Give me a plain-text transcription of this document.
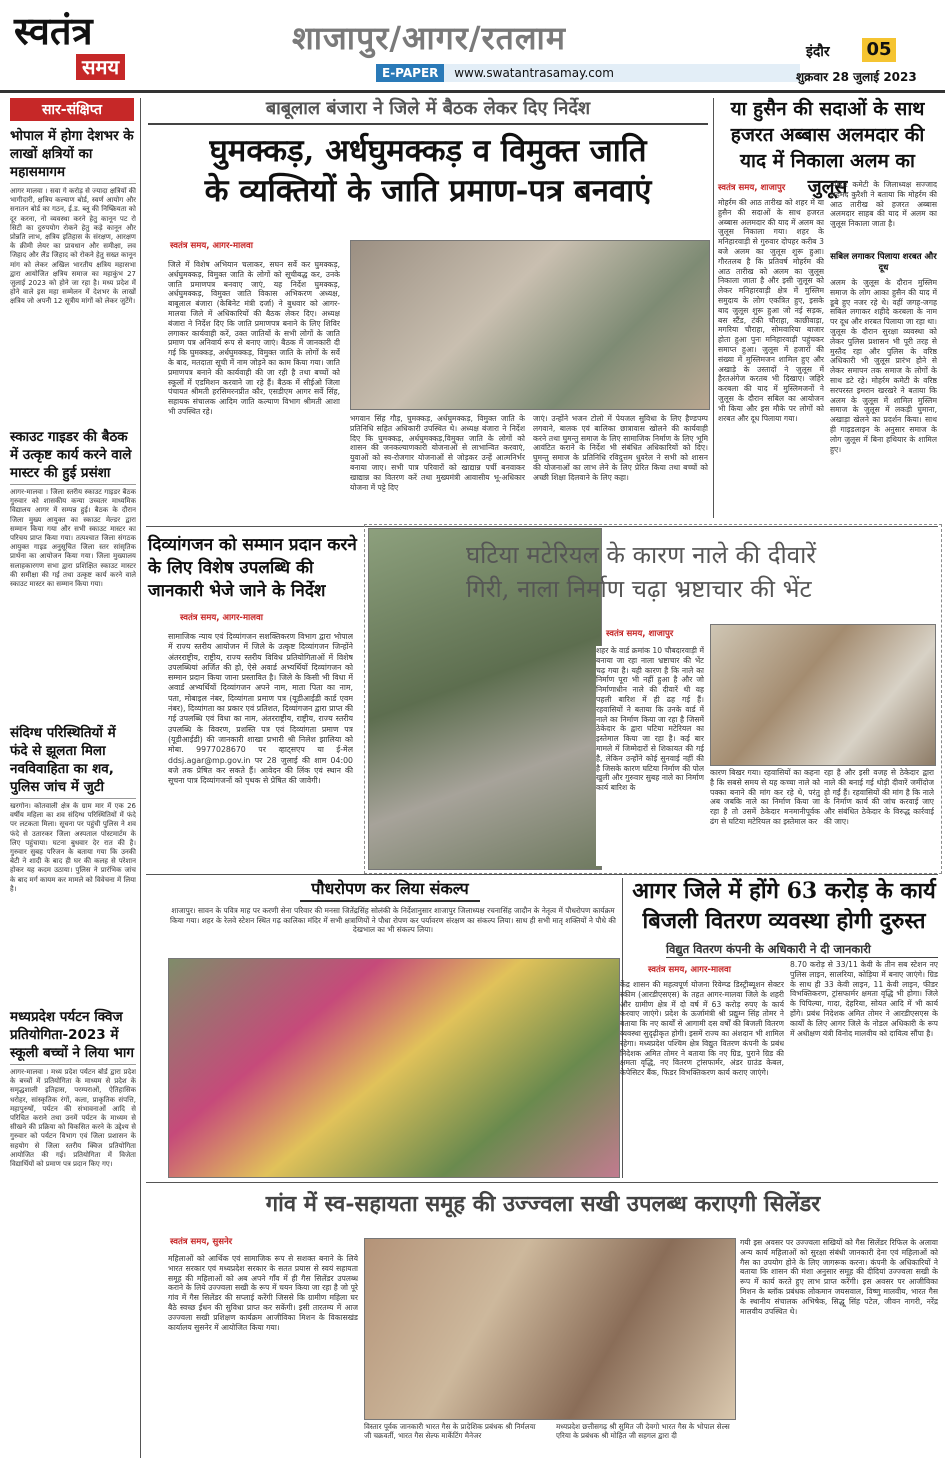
स्वतंत्र
समय
शाजापुर/आगर/रतलाम
E-PAPER www.swatantrasamay.com
इंदौर 05
शुक्रवार 28 जुलाई 2023
सार-संक्षिप्त
भोपाल में होगा देशभर के लाखों क्षत्रियों का महासमागम
आगर मालवा । सवा गे करोड़ से ज्यादा क्षत्रियों की भागीदारी, क्षत्रिय कल्याण बोर्ड, स्वर्ण आयोग और सनातन बोर्ड का गठन, ई.ड. ब्लू की निष्क्रियता को दूर करना, नो व्यवस्था करने हेतु कानून पट रो सिटी का दुरुपयोग रोकने हेतु कड़े कानून और प्रोन्नति लाभ, क्षत्रिय इतिहास के संरक्षण, आरक्षण के क्रीमी लेयर का प्रावधान और समीक्षा, लव जिहाद और लैंड जिहाद को रोकने हेतु सख्त कानून मांग को लेकर अखिल भारतीय क्षत्रिय महासभा द्वारा आयोजित क्षत्रिय समाज का महाकुंभ 27 जुलाई 2023 को होने जा रहा है। मध्य प्रदेश में होने वाले इस महा सम्मेलन में देशभर के लाखों क्षत्रिय जो अपनी 12 सूत्रीय मांगों को लेकर जुटेंगे।
स्काउट गाइडर की बैठक में उत्कृष्ट कार्य करने वाले मास्टर की हुई प्रसंशा
आगर-मालवा । जिला स्तरीय स्काउट गाइडर बैठक गुरुवार को शासकीय कन्या उच्चतर माध्यमिक विद्यालय आगर में सम्पन्न हुई। बैठक के दौरान जिला मुख्य आयुक्त का स्काउट मेल्डर द्वारा सम्मान किया गया और सभी स्काउट मास्टर का परिचय प्राप्त किया गया। तत्पश्चात जिला संगठक आयुक्त गाइड अनुसूचित जिला स्तर सांसृतिक प्रार्थना का आयोजन किया गया। जिला मुख्यालय सलाहकारगण सभा द्वारा प्रशिक्षित स्काउट मास्टर की समीक्षा की गई तथा उत्कृष्ट कार्य करने वाले स्काउट मास्टर का सम्मान किया गया।
संदिग्ध परिस्थितियों में फंदे से झूलता मिला नवविवाहिता का शव, पुलिस जांच में जुटी
खरगोन। कोतवाली क्षेत्र के ग्राम मार में एक 26 वर्षीय महिला का शव संदिग्ध परिस्थितियों में फंदे पर लटकता मिला। सूचना पर पहुंची पुलिस ने शव फंदे से उतारकर जिला अस्पताल पोस्टमार्टम के लिए पहुंचाया। घटना बुधवार देर रात की है। गुरुवार सुबह परिजन के बताया गया कि उनकी बेटी ने शादी के बाद ही घर की कलह से परेशान होकर यह कदम उठाया। पुलिस ने प्रारंभिक जांच के बाद मर्ग कायम कर मामले को विवेचना में लिया है।
मध्यप्रदेश पर्यटन क्विज प्रतियोगिता-2023 में स्कूली बच्चों ने लिया भाग
आगर-मालवा । मध्य प्रदेश पर्यटन बोर्ड द्वारा प्रदेश के बच्चों में प्रतियोगिता के माध्यम से प्रदेश के समृद्धशाली इतिहास, परम्पराओं, ऐतिहासिक धरोहर, सांस्कृतिक रंगों, कला, प्राकृतिक संपत्ति, महापुरुषों, पर्यटन की संभावनाओं आदि से परिचित कराने तथा उनमें पर्यटन के माध्यम से सीखने की प्रक्रिया को विकसित करने के उद्देश्य से गुरुवार को पर्यटन विभाग एवं जिला प्रशासन के सहयोग से जिला स्तरीय क्विज प्रतियोगिता आयोजित की गई। प्रतियोगिता में विजेता विद्यार्थियों को प्रमाण पत्र प्रदान किए गए।
बाबूलाल बंजारा ने जिले में बैठक लेकर दिए निर्देश
घुमक्कड़, अर्धघुमक्कड़ व विमुक्त जाति
के व्यक्तियों के जाति प्रमाण-पत्र बनवाएं
स्वतंत्र समय, आगर-मालवा
जिले में विशेष अभियान चलाकर, सघन सर्वे कर घुमक्कड़, अर्धघुमक्कड़, विमुक्त जाति के लोगों को सूचीबद्ध कर, उनके जाति प्रमाणपत्र बनवाए जाएं, यह निर्देश घुमक्कड़, अर्धघुमक्कड़, विमुक्त जाति विकास अभिकरण अध्यक्ष, बाबूलाल बंजारा (केबिनेट मंत्री दर्जा) ने बुधवार को आगर-मालवा जिले में अधिकारियों की बैठक लेकर दिए। अध्यक्ष बंजारा ने निर्देश दिए कि जाति प्रमाणपत्र बनाने के लिए शिविर लगाकर कार्यवाही करें, उक्त जातियों के सभी लोगों के जाति प्रमाण पत्र अनिवार्य रूप से बनाए जाएं। बैठक में जानकारी दी गई कि घुमक्कड़, अर्धघुमक्कड़, विमुक्त जाति के लोगों के सर्वे के बाद, मतदाता सूची में नाम जोड़ने का काम किया गया। जाति प्रमाणपत्र बनाने की कार्यवाही की जा रही है तथा बच्चों को स्कूलों में एडमिशन करवाने जा रहे हैं। बैठक में सीईओ जिला पंचायत श्रीमती हरसिमरनप्रीत कौर, एसडीएम आगर सर्वे सिंह, सहायक संचालक आदिम जाति कल्याण विभाग श्रीमती आशा भी उपस्थित रहे।
भगवान सिंह गौड़, घुमक्कड़, अर्धघुमक्कड़, विमुक्त जाति के प्रतिनिधि सहित अधिकारी उपस्थित थे। अध्यक्ष बंजारा ने निर्देश दिए कि घुमक्कड़, अर्धघुमक्कड़,विमुक्त जाति के लोगों को शासन की जनकल्याणकारी योजनाओं से लाभान्वित करवाएं, युवाओं को स्व-रोजगार योजनाओं से जोड़कर उन्हें आत्मनिर्भर बनाया जाए। सभी पात्र परिवारों को खाद्यान्न पर्ची बनवाकर खाद्यान्न का वितरण करें तथा मुख्यमंत्री आवासीय भू-अधिकार योजना में पट्टे दिए
जाएं। उन्होंने भजन टोलो में पेयजल सुविधा के लिए हैण्डपम्प लगवाने, बालक एवं बालिका छात्रावास खोलने की कार्यवाही करने तथा घुमन्तु समाज के लिए सामाजिक निर्माण के लिए भूमि आवंटित कराने के निर्देश भी संबंधित अधिकारियों को दिए। घुमन्तु समाज के प्रतिनिधि रविदुत्तम धुवरेल ने सभी को शासन की योजनाओं का लाभ लेने के लिए प्रेरित किया तथा बच्चों को अच्छी शिक्षा दिलवाने के लिए कहा।
या हुसैन की सदाओं के साथ हजरत अब्बास अलमदार की याद में निकाला अलम का जुलूस
स्वतंत्र समय, शाजापुर
मोहर्रम की आठ तारीख को शहर में या हुसैन की सदाओं के साथ हजरत अब्बास अलमदार की याद में अलम का जुलूस निकाला गया। शहर के मनिहारवाड़ी से गुरुवार दोपहर करीब 3 बजे अलम का जुलूस शुरू हुआ। गौरतलब है कि प्रतिवर्ष मोहर्रम की आठ तारीख को अलम का जुलूस निकाला जाता है और इसी जुलूस को लेकर मनिहारवाड़ी क्षेत्र में मुस्लिम समुदाय के लोग एकत्रित हुए, इसके बाद जुलूस शुरू हुआ जो नई सड़क, बस स्टैंड, टंकी चौराहा, काछीवाड़ा, मगरिया चौराहा, सोमवारिया बाजार होता हुआ पुनः मनिहारवाड़ी पहुंचकर समाप्त हुआ। जुलूस में हजारों की संख्या में मुस्लिमजन शामिल हुए और अखाड़े के उस्तादों ने जुलूस में हैरतअंगेज करतब भी दिखाए। जहिरे करबला की याद में मुस्लिमजनों ने जुलूस के दौरान सबिल का आयोजन भी किया और इस मौके पर लोगों को शरबत और दूध पिलाया गया।
त्योहार कमेटी के जिलाध्यक्ष सज्जाद अहमद कुरैशी ने बताया कि मोहर्रम की आठ तारीख को हजरत अब्बास अलमदार साहब की याद में अलम का जुलूस निकाला जाता है।
सबिल लगाकर पिलाया शरबत और दूध
अलम के जुलूस के दौरान मुस्लिम समाज के लोग आका हुसैन की याद में डूबे हुए नजर रहे थे। वहीं जगह-जगह सबिल लगाकर शहीदे करबला के नाम पर दूध और शरबत पिलाया जा रहा था। जुलूस के दौरान सुरक्षा व्यवस्था को लेकर पुलिस प्रशासन भी पूरी तरह से मुस्तैद रहा और पुलिस के वरिष्ठ अधिकारी भी जुलूस प्रारंभ होने से लेकर समापन तक समाज के लोगों के साथ डटे रहे। मोहर्रम कमेटी के वरिष्ठ सरपरस्त इमरान खरखरे ने बताया कि अलम के जुलूस में शामिल मुस्लिम समाज के जुलूस में लकड़ी घुमाना, अखाड़ा खेलने का प्रदर्शन किया। साथ ही गाइडलाइन के अनुसार समाज के लोग जुलूस में बिना हथियार के शामिल हुए।
दिव्यांगजन को सम्मान प्रदान करने के लिए विशेष उपलब्धि की जानकारी भेजे जाने के निर्देश
स्वतंत्र समय, आगर-मालवा
सामाजिक न्याय एवं दिव्यांगजन सशक्तिकरण विभाग द्वारा भोपाल में राज्य स्तरीय आयोजन में जिले के उत्कृष्ट दिव्यांगजन जिन्होंने अंतरराष्ट्रीय, राष्ट्रीय, राज्य स्तरीय विविध प्रतियोगिताओं में विशेष उपलब्धियां अर्जित की हो, ऐसे अवार्ड अभ्यर्थियों दिव्यांगजन को सम्मान प्रदान किया जाना प्रस्तावित है। जिले के किसी भी विधा में अवार्ड अभ्यर्थियों दिव्यांगजन अपने नाम, माता पिता का नाम, पता, मोबाइल नंबर, दिव्यांगता प्रमाण पत्र (यूडीआईडी कार्ड एवम नंबर), दिव्यांगता का प्रकार एवं प्रतिशत, दिव्यांगजन द्वारा प्राप्त की गई उपलब्धि एवं विधा का नाम, अंतरराष्ट्रीय, राष्ट्रीय, राज्य स्तरीय उपलब्धि के विवरण, प्रशस्ति पत्र एवं दिव्यांगता प्रमाण पत्र (यूडीआईडी) की जानकारी शाखा प्रभारी श्री निलेश झालिया को मोबा. 9977028670 पर व्हाट्सएप या ई-मेल ddsj.agar@mp.gov.in पर 28 जुलाई की शाम 04:00 बजे तक प्रेषित कर सकते हैं। आवेदन की लिंक एवं स्थान की सूचना पात्र दिव्यांगजनों को पृथक से प्रेषित की जावेगी।
घटिया मटेरियल के कारण नाले की दीवारें
गिरी, नाला निर्माण चढ़ा भ्रष्टाचार की भेंट
स्वतंत्र समय, शाजापुर
शहर के वार्ड क्रमांक 10 चौबदारवाड़ी में बनाया जा रहा नाला भ्रष्टाचार की भेंट चढ़ गया है। यही कारण है कि नाले का निर्माण पूरा भी नहीं हुआ है और जो निर्माणाधीन नाले की दीवारें थी वह पहली बारिश में ही ढह गई हैं। रहवासियों ने बताया कि उनके वार्ड में नाले का निर्माण किया जा रहा है जिसमें ठेकेदार के द्वारा घटिया मटेरियल का इस्तेमाल किया जा रहा है। कई बार मामले में जिम्मेदारों से शिकायत की गई है, लेकिन उन्होंने कोई सुनवाई नहीं की है जिसके कारण घटिया निर्माण की पोल खुली और गुरुवार सुबह नाले का निर्माण कार्य बारिश के
कारण बिखर गया। रहवासियों का कहना है कि सबसे समय से यह कच्चा नाले को पक्का बनाने की मांग कर रहे थे, परंतु अब जबकि नाले का निर्माण किया जा रहा है तो उसमें ठेकेदार मनमानीपूर्वक ढंग से घटिया मटेरियल का इस्तेमाल कर
रहा है और इसी वजह से ठेकेदार द्वारा नाले की बनाई गई थोड़ी दीवारें जमींदोज हो गईं हैं। रहवासियों की मांग है कि नाले के निर्माण कार्य की जांच करवाई जाए और संबंधित ठेकेदार के विरुद्ध कार्रवाई की जाए।
पौधरोपण कर लिया संकल्प
शाजापुर। सावन के पवित्र माह पर करणी सेना परिवार की मनसा जितेंद्रसिंह सोलंकी के निर्देशानुसार शाजापुर जिलाध्यक्ष रचनासिंह जादौन के नेतृत्व में पौधरोपण कार्यक्रम किया गया। शहर के रेलवे स्टेशन स्थित गढ़ कालिका मंदिर में सभी क्षत्राणियों ने पौधा रोपण कर पर्यावरण संरक्षण का संकल्प लिया। साथ ही सभी मातृ शक्तियों ने पौधे की देखभाल का भी संकल्प लिया।
आगर जिले में होंगे 63 करोड़ के कार्य
बिजली वितरण व्यवस्था होगी दुरुस्त
विद्युत वितरण कंपनी के अधिकारी ने दी जानकारी
स्वतंत्र समय, आगर-मालवा
केंद्र शासन की महत्वपूर्ण योजना रिवेम्प्ड डिस्ट्रीब्यूशन सेक्टर स्कीम (आरडीएसएस) के तहत आगर-मालवा जिले के शहरी और ग्रामीण क्षेत्र में दो वर्ष में 63 करोड़ रुपए के कार्य करवाए जाएंगे। प्रदेश के ऊर्जामंत्री श्री प्रद्युम्न सिंह तोमर ने बताया कि नए कार्यों से आगामी दस वर्षों की बिजली वितरण व्यवस्था सुदृढ़ीकृत होगी। इसमें राज्य का अंशदान भी शामिल रहेगा। मध्यप्रदेश पश्चिम क्षेत्र विद्युत वितरण कंपनी के प्रबंध निदेशक अमित तोमर ने बताया कि नए ग्रिड, पुराने ग्रिड की क्षमता वृद्धि, नए वितरण ट्रांसफार्मर, अंडर ग्राउंड केबल, केपेसिटर बैंक, फिडर विभक्तिकरण कार्य कराए जाएंगे।
8.70 करोड़ से 33/11 केवी के तीन सब स्टेशन नए पुलिस लाइन, सालरिया, कोड़िया में बनाए जाएंगे। ग्रिड के साथ ही 33 केवी लाइन, 11 केवी लाइन, फीडर विभक्तिकरण, ट्रांसफार्मर क्षमता वृद्धि भी होगा। जिले के पिपिल्या, गादा, देहरिया, सोयत आदि में भी कार्य होंगे। प्रबंध निदेशक अमित तोमर ने आरडीएसएस के कार्यों के लिए आगर जिले के नोडल अधिकारी के रूप में अधीक्षण यंत्री विनोद मालवीय को दायित्व सौंपा है।
गांव में स्व-सहायता समूह की उज्ज्वला सखी उपलब्ध कराएगी सिलेंडर
स्वतंत्र समय, सुसनेर
महिलाओं को आर्थिक एवं सामाजिक रूप से सशक्त बनाने के लिये भारत सरकार एवं मध्यप्रदेश सरकार के सतत प्रयास से स्वयं सहायता समूह की महिलाओं को अब अपने गाँव में ही गैस सिलेंडर उपलब्ध कराने के लिये उज्ज्वला सखी के रूप में चयन किया जा रहा है जो पूरे गांव में गैस सिलेंडर की सप्लाई करेंगी जिससे कि ग्रामीण महिला घर बैठे स्वच्छ ईंधन की सुविधा प्राप्त कर सकेंगी। इसी तारतम्य में आज उज्ज्वला सखी प्रशिक्षण कार्यक्रम आजीविका मिशन के विकासखंड कार्यालय सुसनेर में आयोजित किया गया।
विस्तार पूर्वक जानकारी भारत गैस के प्रादेशिक प्रबंधक श्री निर्मलया जी चक्रवर्ती, भारत गैस सेल्फ मार्केटिंग मैनेजर
मध्यप्रदेश छत्तीसगढ़ श्री सुमित जी देवगो भारत गैस के भोपाल सेल्स एरिया के प्रबंधक श्री मोहित जी सहगल द्वारा दी
गयी इस अवसर पर उज्ज्वला सखियों को गैस सिलेंडर रिफिल के अलावा अन्य कार्य महिलाओं को सुरक्षा संबंधी जानकारी देना एवं महिलाओं को गैस का उपयोग होने के लिए जागरूक करना। कंपनी के अधिकारियों ने बताया कि शासन की मंशा अनुसार समूह की दीदियां उज्ज्वला सखी के रूप में कार्य करते हुए लाभ प्राप्त करेंगी। इस अवसर पर आजीविका मिशन के ब्लॉक प्रबंधक लोकमान जयसवाल, विष्णु मालवीय, भारत गैस के स्थानीय संचालक अभिषेक, सिद्धू सिंह पटेल, जीवन नागरी, नरेंद्र मालवीय उपस्थित थे।
